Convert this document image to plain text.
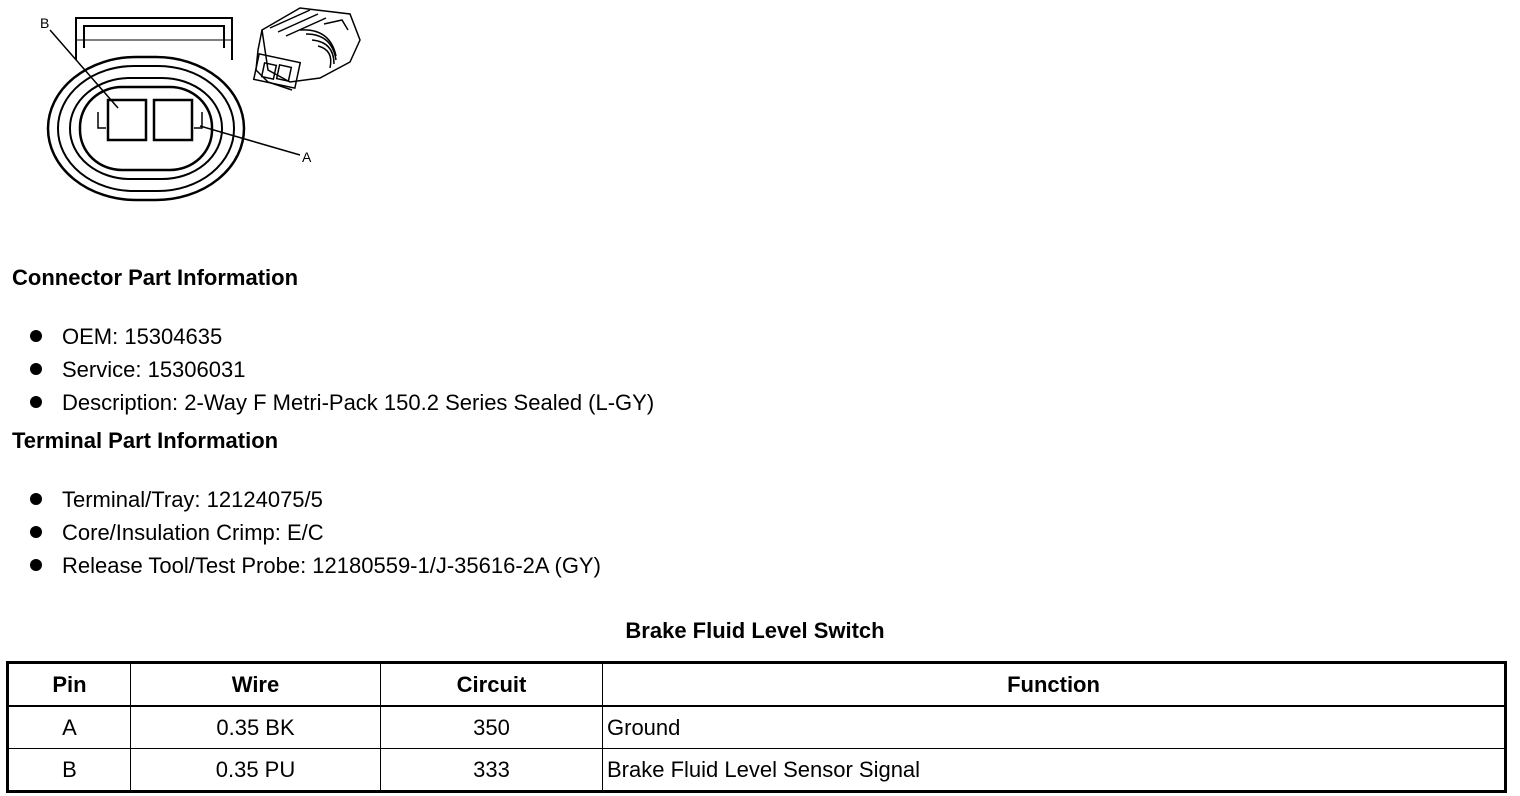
B
A
Connector Part Information
OEM: 15304635
Service: 15306031
Description: 2-Way F Metri-Pack 150.2 Series Sealed (L-GY)
Terminal Part Information
Terminal/Tray: 12124075/5
Core/Insulation Crimp: E/C
Release Tool/Test Probe: 12180559-1/J-35616-2A (GY)
Brake Fluid Level Switch
Pin	Wire	Circuit	Function
A	0.35 BK	350	Ground
B	0.35 PU	333	Brake Fluid Level Sensor Signal
